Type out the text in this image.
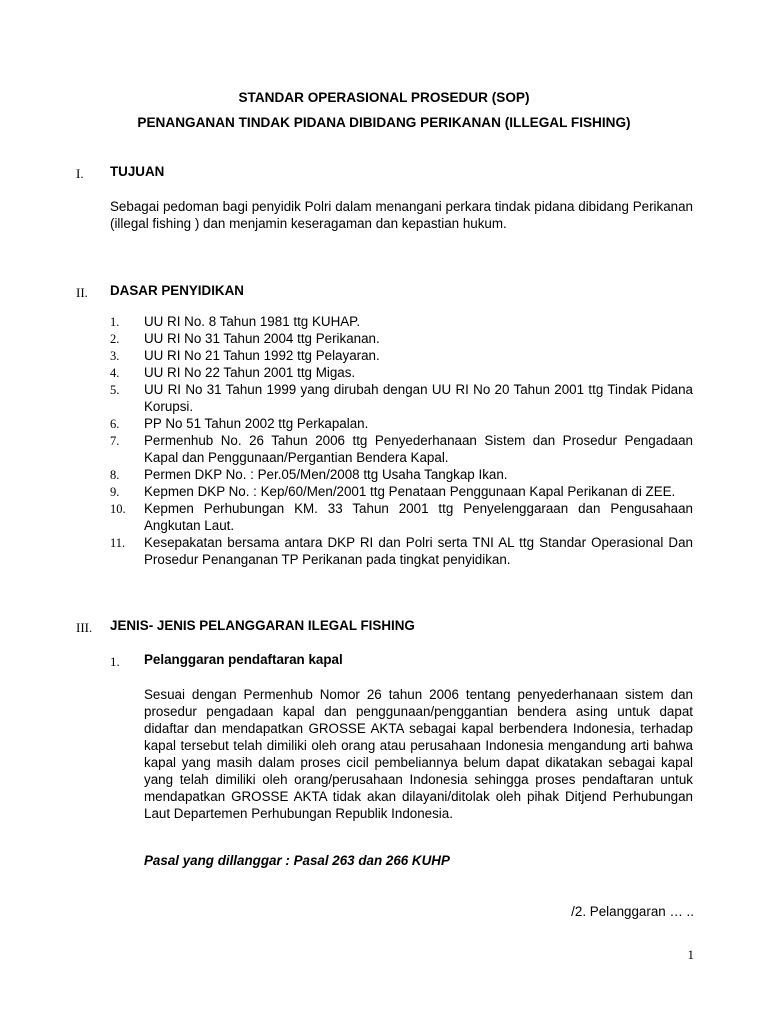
STANDAR OPERASIONAL PROSEDUR (SOP)
PENANGANAN TINDAK PIDANA DIBIDANG PERIKANAN (ILLEGAL FISHING)
I. TUJUAN

Sebagai pedoman bagi penyidik Polri dalam menangani perkara tindak pidana dibidang Perikanan (illegal fishing ) dan menjamin keseragaman dan kepastian hukum.

II. DASAR PENYIDIKAN
1. UU RI No. 8 Tahun 1981 ttg KUHAP.
2. UU RI No 31 Tahun 2004 ttg Perikanan.
3. UU RI No 21 Tahun 1992 ttg Pelayaran.
4. UU RI No 22 Tahun 2001 ttg Migas.
5. UU RI No 31 Tahun 1999 yang dirubah dengan UU RI No 20 Tahun 2001 ttg Tindak Pidana Korupsi.
6. PP No 51 Tahun 2002 ttg Perkapalan.
7. Permenhub No. 26 Tahun 2006 ttg Penyederhanaan Sistem dan Prosedur Pengadaan Kapal dan Penggunaan/Pergantian Bendera Kapal.
8. Permen DKP No. : Per.05/Men/2008 ttg Usaha Tangkap Ikan.
9. Kepmen DKP No. : Kep/60/Men/2001 ttg Penataan Penggunaan Kapal Perikanan di ZEE.
10. Kepmen Perhubungan KM. 33 Tahun 2001 ttg Penyelenggaraan dan Pengusahaan Angkutan Laut.
11. Kesepakatan bersama antara DKP RI dan Polri serta TNI AL ttg Standar Operasional Dan Prosedur Penanganan TP Perikanan pada tingkat penyidikan.
III. JENIS- JENIS PELANGGARAN ILEGAL FISHING
1. Pelanggaran pendaftaran kapal

Sesuai dengan Permenhub Nomor 26 tahun 2006 tentang penyederhanaan sistem dan prosedur pengadaan kapal dan penggunaan/penggantian bendera asing untuk dapat didaftar dan mendapatkan GROSSE AKTA sebagai kapal berbendera Indonesia, terhadap kapal tersebut telah dimiliki oleh orang atau perusahaan Indonesia mengandung arti bahwa kapal yang masih dalam proses cicil pembeliannya belum dapat dikatakan sebagai kapal yang telah dimiliki oleh orang/perusahaan Indonesia sehingga proses pendaftaran untuk mendapatkan GROSSE AKTA tidak akan dilayani/ditolak oleh pihak Ditjend Perhubungan Laut Departemen Perhubungan Republik Indonesia.

Pasal yang dillanggar : Pasal 263 dan 266 KUHP
/2. Pelanggaran … ..
1
